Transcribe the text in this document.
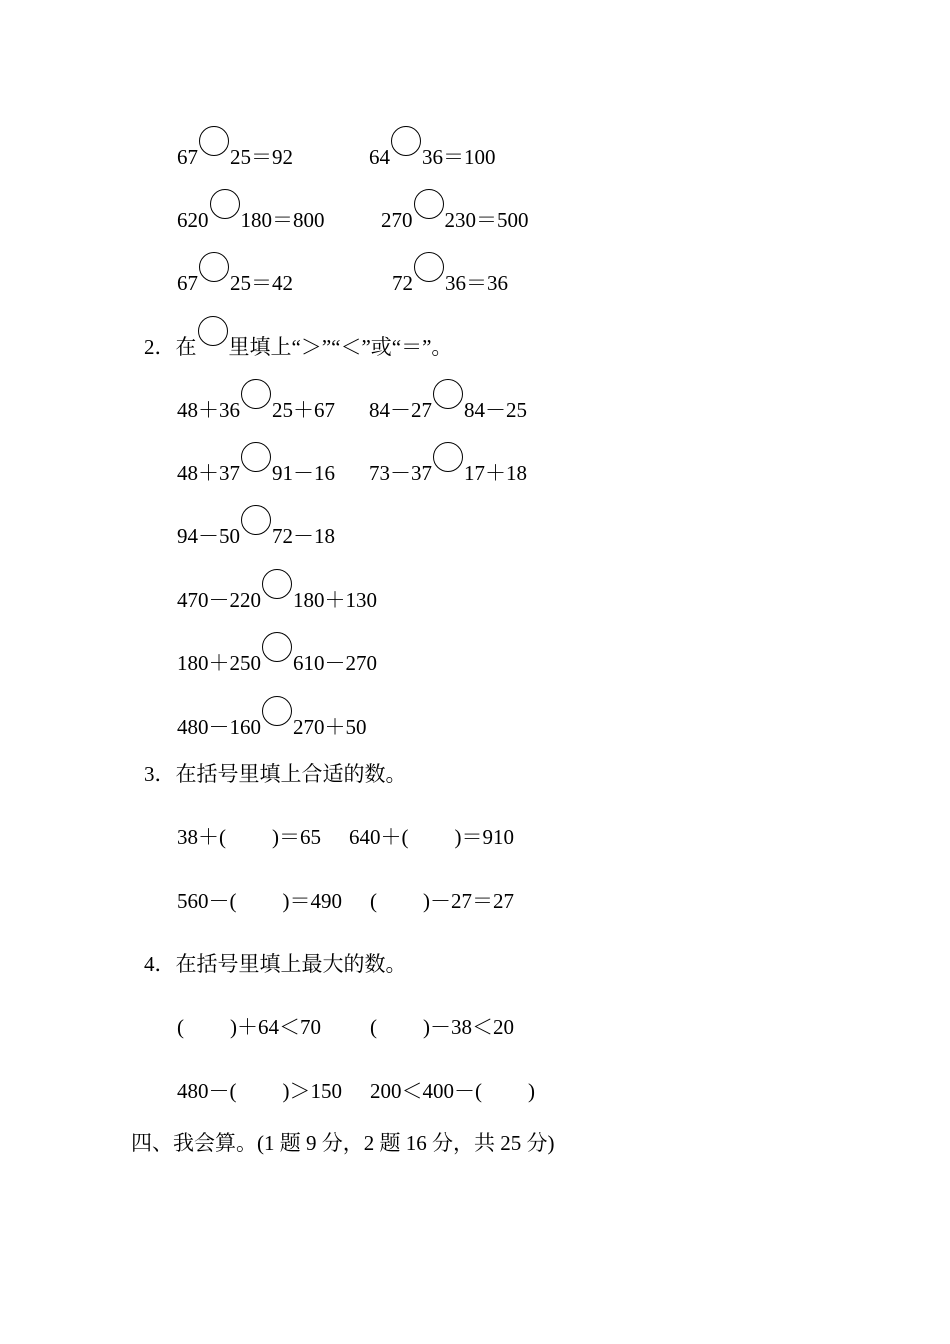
67 25＝92	64 36＝100
620 180＝800	270 230＝500
67 25＝42	72 36＝36
2．在 里填上“＞”“＜”或“＝”。
48＋36 25＋67 84－27 84－25
48＋37 91－16 73－37 17＋18
94－50 72－18
470－220 180＋130
180＋250 610－270
480－160 270＋50
3．在括号里填上合适的数。
38＋( )＝65 640＋( )＝910
560－( )＝490 ( )－27＝27
4．在括号里填上最大的数。
( )＋64＜70 ( )－38＜20
480－( )＞150 200＜400－( )
四、我会算。(1 题 9 分，2 题 16 分，共 25 分)
